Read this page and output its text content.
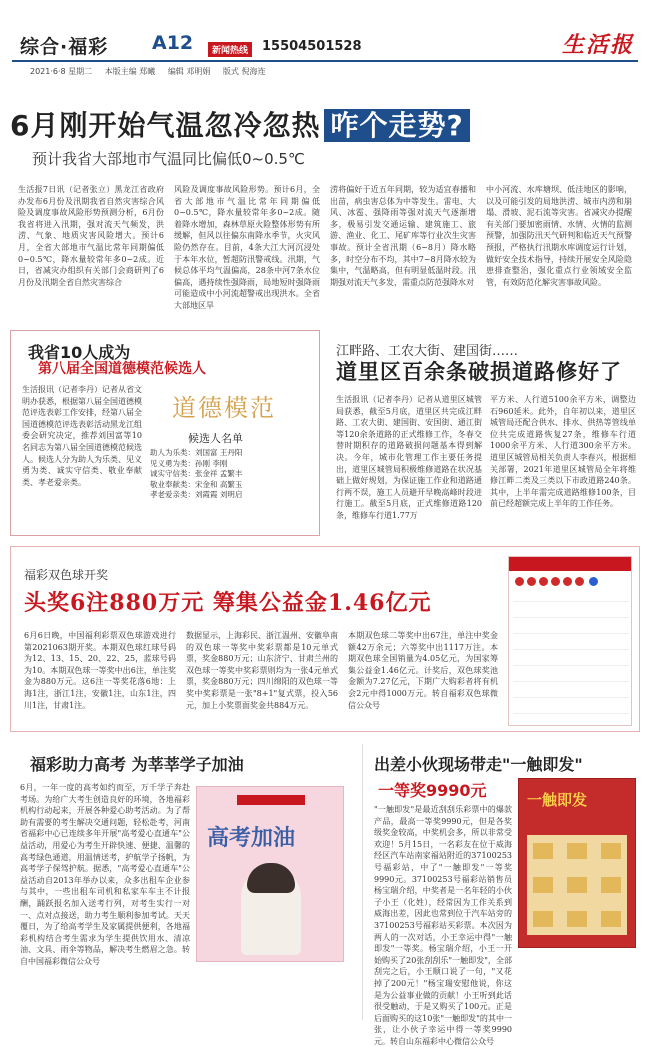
综合·福彩 A12	新闻热线	15504501528	生活报
2021·6·8 星期二 本版主编 郑曦 编辑 邓明娟 版式 倪海连
6月刚开始气温忽冷忽热 咋个走势?
预计我省大部地市气温同比偏低0~0.5℃
生活报7日讯（记者张立）黑龙江省政府办发布6月份及汛期我省自然灾害综合风险及调度事故风险形势预测分析，6月份我省将进入汛期，强对流天气频发，洪涝、气象、地质灾害风险增大。预计6月，全省大部地市气温比常年同期偏低0~0.5℃，降水量较常年多0~2成。近日，省减灾办组织有关部门会商研判了6月份及汛期全省自然灾害综合
风险及调度事故风险形势。预计6月，全省大部地市气温比常年同期偏低0~0.5℃，降水量较常年多0~2成。随着降水增加，森林草原火险整体形势有所缓解，但风以往偏东南降水季节，火灾风险仍然存在。目前，4条大江大河沉浸处于本年水位，暂超防汛警戒线。汛期，气候总体平均气温偏高，28条中河7条水位偏高，遇持续性强降雨，局地短时强降雨可能造成中小河流超警戒出现洪水。全省大部地区旱
涝将偏好于近五年同期，较为适宜春播和出苗，病虫害总体为中等发生。雷电、大风、冰雹、强降雨等强对流天气逐渐增多，极易引发交通运输、建筑施工、旅游、渔业、化工、尾矿库等行业次生灾害事故。预计全省汛期（6~8月）降水略多，时空分布不均，其中7~8月降水较为集中，气温略高，但有明显低温时段。汛期强对流天气多发，需重点防范强降水对
中小河流、水库塘坝、低洼地区的影响，以及可能引发的局地洪涝、城市内涝和崩塌、滑坡、泥石流等灾害。省减灾办提醒有关部门要加密雨情、水情、火情的监测预警，加强防汛天气研判和临近天气预警预报，严格执行汛期水库调度运行计划，做好安全技术指导，持续开展安全风险隐患排查整治，强化重点行业领域安全监管，有效防范化解灾害事故风险。
我省10人成为
第八届全国道德模范候选人
生活报讯（记者李丹）记者从省文明办获悉，根据第八届全国道德模范评选表彰工作安排，经第八届全国道德模范评选表彰活动黑龙江组委会研究决定，推荐刘国富等10名同志为第八届全国道德模范候选人。候选人分为助人为乐类、见义勇为类、诚实守信类、敬业奉献类、孝老爱亲类。
道德模范
候选人名单
助人为乐类：刘国富 王丹阳
见义勇为类：孙刚 李刚
诚实守信类：张金祥 孟繁丰
敬业奉献类：宋金和 高繁玉
孝老爱亲类：刘霞霞 刘明启
江畔路、工农大街、建国街……
道里区百余条破损道路修好了
生活报讯（记者李丹）记者从道里区城管局获悉，截至5月底，道里区共完成江畔路、工农大街、建国街、安国街、通江街等120余条道路的正式维修工作，冬春交替时期积存的道路破损问题基本得到解决。今年，城市化管理工作主要任务提出，道里区城管局积极维修道路在状况基础上做好规划，为保证施工作业和道路通行两不误，施工人员避开早晚高峰时段进行施工。截至5月底，正式维修道路120条，维修车行道1.77万
平方米、人行道5100余平方米，调整边石960延米。此外，自年初以来，道里区城管局还配合供水、排水、供热等管线单位共完成道路恢复27条，维修车行道1000余平方米、人行道300余平方米。道里区城管局相关负责人李春兴，根据相关部署，2021年道里区城管局全年将维修江畔二类及三类以下市政道路240条。其中，上半年需完成道路维修100条，目前已经超额完成上半年的工作任务。
福彩双色球开奖
头奖6注880万元 筹集公益金1.46亿元
6月6日晚，中国福利彩票双色球游戏进行第2021063期开奖。本期双色球红球号码为12、13、15、20、22、25，蓝球号码为10。本期双色球一等奖中出6注，单注奖金为880万元。这6注一等奖花落6地：上海1注，浙江1注，安徽1注，山东1注，四川1注，甘肃1注。
数据显示，上海彩民、浙江温州、安徽阜南的双色球一等奖中奖彩票都是10元单式票，奖金880万元；山东济宁、甘肃兰州的双色球一等奖中奖彩票则均为一张4元单式票，奖金880万元；四川绵阳的双色球一等奖中奖彩票是一张"8+1"复式票，投入56元，加上小奖票面奖金共884万元。
本期双色球二等奖中出67注，单注中奖金额42万余元；六等奖中出1117万注。本期双色球全国销量为4.05亿元，为国家筹集公益金1.46亿元。计奖后，双色球奖池金额为7.27亿元，下期广大购彩者将有机会2元中得1000万元。转自福彩双色球微信公众号
福彩助力高考 为莘莘学子加油
6月，一年一度的高考如约而至，万千学子奔赴考场。为给广大考生创造良好的环境，各地福彩机构行动起来，开展各种爱心助考活动。为了帮助有需要的考生解决交通问题，轻松赴考，河南省福彩中心已连续多年开展"高考爱心直通车"公益活动，用爱心为考生开辟快速、便捷、温馨的高考绿色通道，用温情送考，护航学子扬帆，为高考学子保驾护航。据悉，"高考爱心直通车"公益活动自2013年举办以来，众多出租车企业参与其中，一些出租车司机和私家车车主不计报酬，踊跃报名加入送考行列，对考生实行一对一、点对点接送，助力考生顺利参加考试。天天覆日，为了给高考学生及家属提供便利，各地福彩机构结合考生需求为学生提供饮用水、清凉油、文具、雨伞等物品，解决考生燃眉之急。转自中国福彩微信公众号
高考加油
出差小伙现场带走"一触即发"
一等奖9990元
"一触即发"是最近刮刮乐彩票中的爆款产品，最高一等奖9990元，但是各奖级奖金较高，中奖机会多，所以非常受欢迎！5月15日，一名彩友在位于威海经区汽车站南家福站附近的37100253号福彩站，中了"一触即发"一等奖9990元。37100253号福彩站销售员杨宝瑞介绍，中奖者是一名年轻的小伙子小王（化姓），经常因为工作关系到威海出差，因此也常到位于汽车站旁的37100253号福彩站买彩票。本次因为两人的一次对话，小王幸运中得"一触即发"一等奖。杨宝瑞介绍，小王一开始购买了20张刮刮乐"一触即发"，全部刮完之后，小王顺口说了一句，"又花掉了200元！"杨宝瑞安慰他说，你这是为公益事业做的贡献！小王听到此话很受触动，于是又购买了100元。正是后面购买的这10张"一触即发"的其中一张，让小伙子幸运中得一等奖9990元。转自山东福彩中心微信公众号
一触即发
